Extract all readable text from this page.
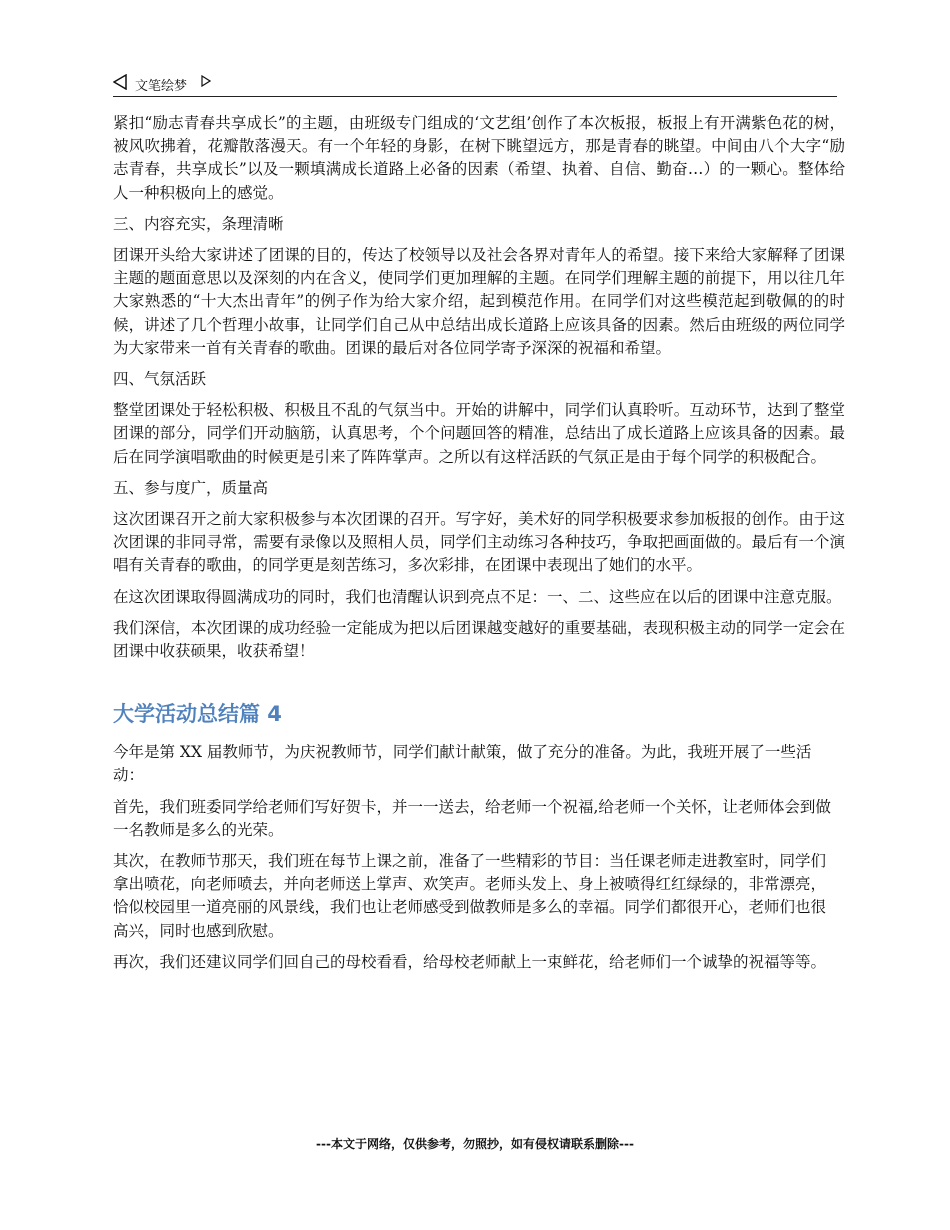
文笔绘梦

紧扣“励志青春共享成长”的主题，由班级专门组成的‘文艺组’创作了本次板报，板报上有开满紫色花的树，被风吹拂着，花瓣散落漫天。有一个年轻的身影，在树下眺望远方，那是青春的眺望。中间由八个大字“励志青春，共享成长”以及一颗填满成长道路上必备的因素（希望、执着、自信、勤奋…）的一颗心。整体给人一种积极向上的感觉。

三、内容充实，条理清晰

团课开头给大家讲述了团课的目的，传达了校领导以及社会各界对青年人的希望。接下来给大家解释了团课主题的题面意思以及深刻的内在含义，使同学们更加理解的主题。在同学们理解主题的前提下，用以往几年大家熟悉的“十大杰出青年”的例子作为给大家介绍，起到模范作用。在同学们对这些模范起到敬佩的的时候，讲述了几个哲理小故事，让同学们自己从中总结出成长道路上应该具备的因素。然后由班级的两位同学为大家带来一首有关青春的歌曲。团课的最后对各位同学寄予深深的祝福和希望。

四、气氛活跃

整堂团课处于轻松积极、积极且不乱的气氛当中。开始的讲解中，同学们认真聆听。互动环节，达到了整堂团课的部分，同学们开动脑筋，认真思考，个个问题回答的精准，总结出了成长道路上应该具备的因素。最后在同学演唱歌曲的时候更是引来了阵阵掌声。之所以有这样活跃的气氛正是由于每个同学的积极配合。

五、参与度广，质量高

这次团课召开之前大家积极参与本次团课的召开。写字好，美术好的同学积极要求参加板报的创作。由于这次团课的非同寻常，需要有录像以及照相人员，同学们主动练习各种技巧，争取把画面做的。最后有一个演唱有关青春的歌曲，的同学更是刻苦练习，多次彩排，在团课中表现出了她们的水平。

在这次团课取得圆满成功的同时，我们也清醒认识到亮点不足：一、二、这些应在以后的团课中注意克服。

我们深信，本次团课的成功经验一定能成为把以后团课越变越好的重要基础，表现积极主动的同学一定会在团课中收获硕果，收获希望！

大学活动总结篇 4

今年是第 XX 届教师节，为庆祝教师节，同学们献计献策，做了充分的准备。为此，我班开展了一些活动：

首先，我们班委同学给老师们写好贺卡，并一一送去，给老师一个祝福,给老师一个关怀，让老师体会到做一名教师是多么的光荣。

其次，在教师节那天，我们班在每节上课之前，准备了一些精彩的节目：当任课老师走进教室时，同学们拿出喷花，向老师喷去，并向老师送上掌声、欢笑声。老师头发上、身上被喷得红红绿绿的，非常漂亮，恰似校园里一道亮丽的风景线，我们也让老师感受到做教师是多么的幸福。同学们都很开心，老师们也很高兴，同时也感到欣慰。

再次，我们还建议同学们回自己的母校看看，给母校老师献上一束鲜花，给老师们一个诚挚的祝福等等。

---本文于网络，仅供参考，勿照抄，如有侵权请联系删除---
